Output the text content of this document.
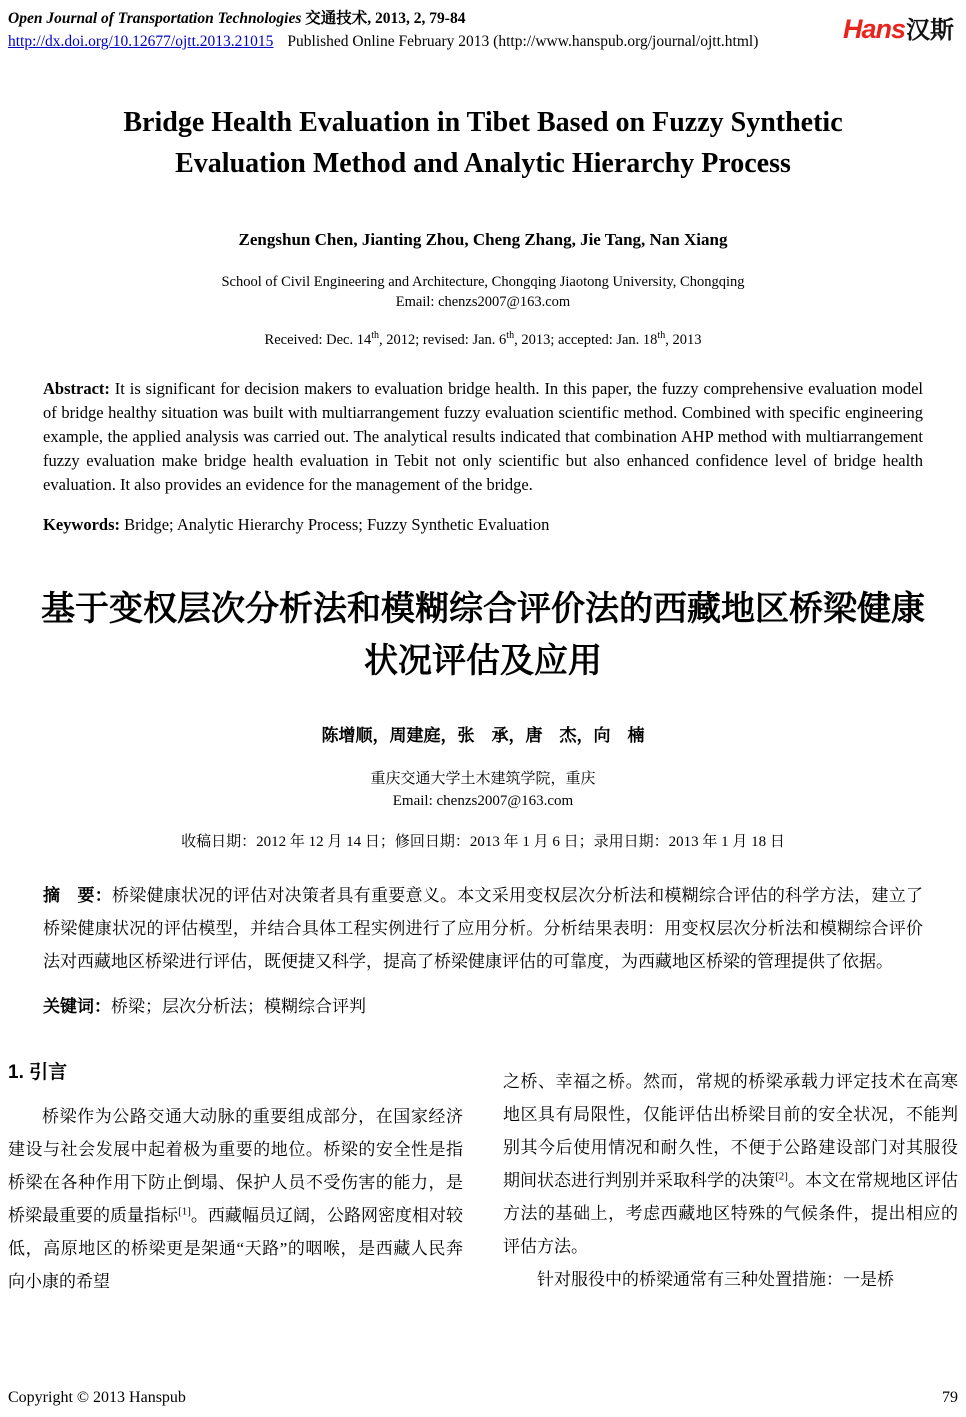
Open Journal of Transportation Technologies 交通技术, 2013, 2, 79-84
http://dx.doi.org/10.12677/ojtt.2013.21015 Published Online February 2013 (http://www.hanspub.org/journal/ojtt.html)	Hans汉斯
Bridge Health Evaluation in Tibet Based on Fuzzy Synthetic Evaluation Method and Analytic Hierarchy Process
Zengshun Chen, Jianting Zhou, Cheng Zhang, Jie Tang, Nan Xiang
School of Civil Engineering and Architecture, Chongqing Jiaotong University, Chongqing
Email: chenzs2007@163.com
Received: Dec. 14th, 2012; revised: Jan. 6th, 2013; accepted: Jan. 18th, 2013

Abstract: It is significant for decision makers to evaluation bridge health. In this paper, the fuzzy comprehensive evaluation model of bridge healthy situation was built with multiarrangement fuzzy evaluation scientific method. Combined with specific engineering example, the applied analysis was carried out. The analytical results indicated that combination AHP method with multiarrangement fuzzy evaluation make bridge health evaluation in Tebit not only scientific but also enhanced confidence level of bridge health evaluation. It also provides an evidence for the management of the bridge.

Keywords: Bridge; Analytic Hierarchy Process; Fuzzy Synthetic Evaluation

基于变权层次分析法和模糊综合评价法的西藏地区桥梁健康状况评估及应用
陈增顺，周建庭，张　承，唐　杰，向　楠
重庆交通大学土木建筑学院，重庆
Email: chenzs2007@163.com
收稿日期：2012 年 12 月 14 日；修回日期：2013 年 1 月 6 日；录用日期：2013 年 1 月 18 日

摘　要：桥梁健康状况的评估对决策者具有重要意义。本文采用变权层次分析法和模糊综合评估的科学方法，建立了桥梁健康状况的评估模型，并结合具体工程实例进行了应用分析。分析结果表明：用变权层次分析法和模糊综合评价法对西藏地区桥梁进行评估，既便捷又科学，提高了桥梁健康评估的可靠度，为西藏地区桥梁的管理提供了依据。

关键词：桥梁；层次分析法；模糊综合评判

1. 引言

桥梁作为公路交通大动脉的重要组成部分，在国家经济建设与社会发展中起着极为重要的地位。桥梁的安全性是指桥梁在各种作用下防止倒塌、保护人员不受伤害的能力，是桥梁最重要的质量指标[1]。西藏幅员辽阔，公路网密度相对较低，高原地区的桥梁更是架通“天路”的咽喉，是西藏人民奔向小康的希望

之桥、幸福之桥。然而，常规的桥梁承载力评定技术在高寒地区具有局限性，仅能评估出桥梁目前的安全状况，不能判别其今后使用情况和耐久性，不便于公路建设部门对其服役期间状态进行判别并采取科学的决策[2]。本文在常规地区评估方法的基础上，考虑西藏地区特殊的气候条件，提出相应的评估方法。

针对服役中的桥梁通常有三种处置措施：一是桥

Copyright © 2013 Hanspub	79
